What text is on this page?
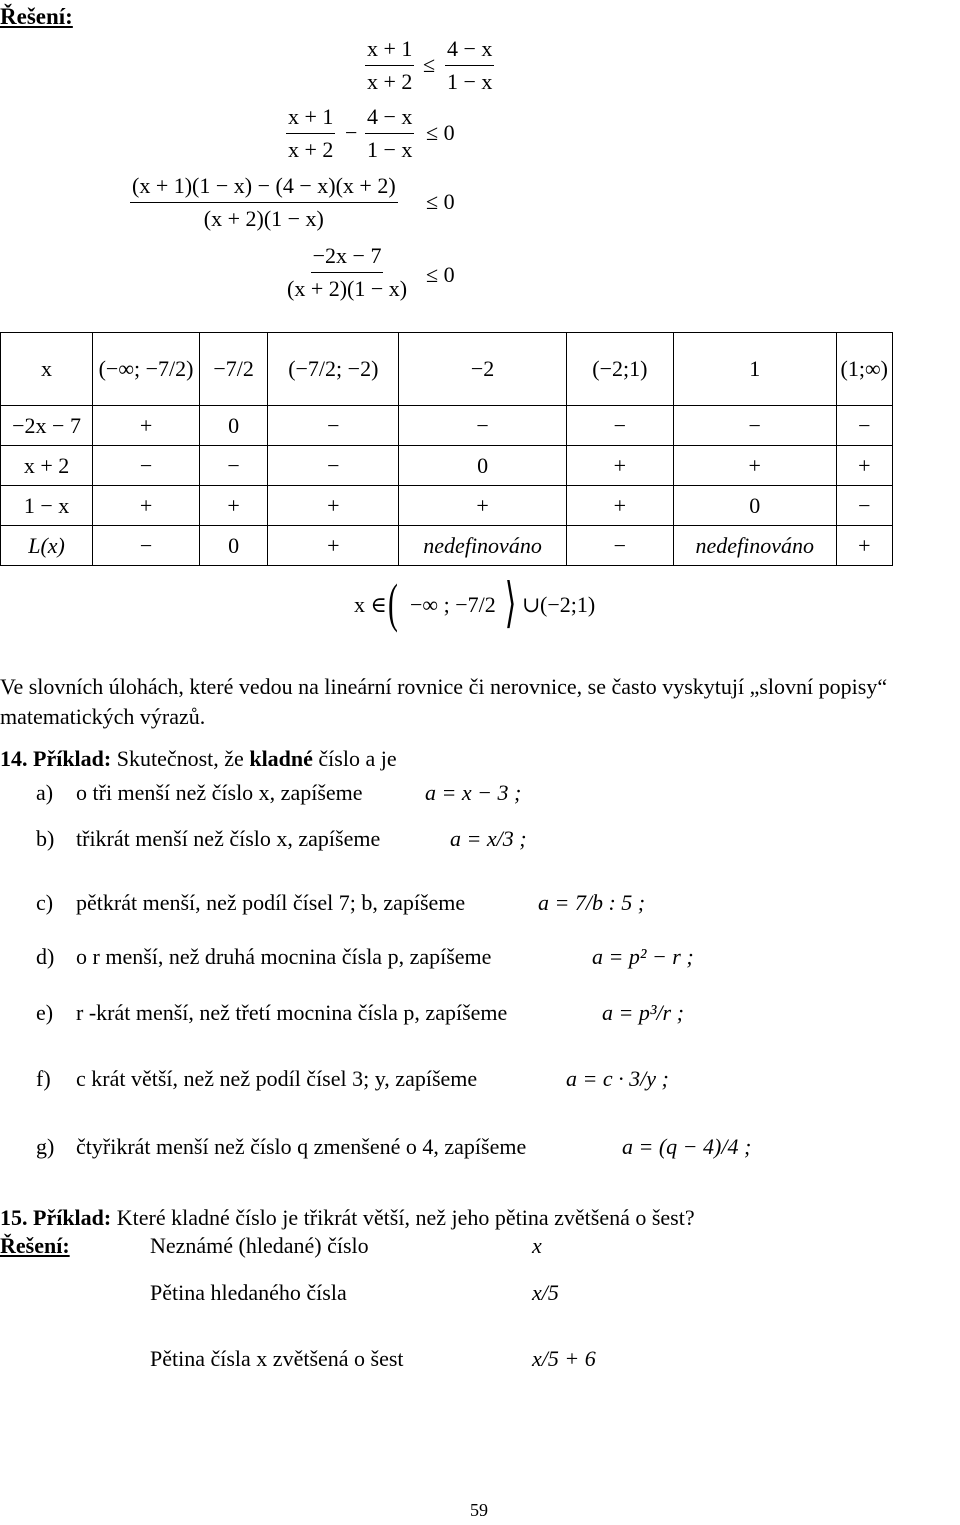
Řešení:
$\frac{x + 1}{x + 2} \le \frac{4 - x}{1 - x}$
$\frac{x + 1}{x + 2} - \frac{4 - x}{1 - x} \le 0$
$\frac{(x + 1)(1 - x) - (4 - x)(x + 2)}{(x + 2)(1 - x)} \le 0$
$\frac{-2x - 7}{(x + 2)(1 - x)} \le 0$
x	(−∞; −7/2)	−7/2	(−7/2; −2)	−2	(−2;1)	1	(1;∞)
−2x − 7	+	0	−	−	−	−	−
x + 2	−	−	−	0	+	+	+
1 − x	+	+	+	+	+	0	−
L(x)	−	0	+	nedefinováno	−	nedefinováno	+
x ∈ ( −∞ ; −7/2 ⟩ ∪ (−2;1)
Ve slovních úlohách, které vedou na lineární rovnice či nerovnice, se často vyskytují „slovní popisy“ matematických výrazů.
14. Příklad: Skutečnost, že kladné číslo a je
a) o tři menší než číslo x, zapíšeme	a = x − 3 ;
b) třikrát menší než číslo x, zapíšeme	a = x/3 ;
c) pětkrát menší, než podíl čísel 7; b, zapíšeme	a = 7/b : 5 ;
d) o r menší, než druhá mocnina čísla p, zapíšeme	a = p² − r ;
e) r -krát menší, než třetí mocnina čísla p, zapíšeme	a = p³/r ;
f) c krát větší, než než podíl čísel 3; y, zapíšeme	a = c · 3/y ;
g) čtyřikrát menší než číslo q zmenšené o 4, zapíšeme	a = (q − 4)/4 ;
15. Příklad: Které kladné číslo je třikrát větší, než jeho pětina zvětšená o šest?
Řešení:	Neznámé (hledané) číslo	x
Pětina hledaného čísla	x/5
Pětina čísla x zvětšená o šest	x/5 + 6
59
